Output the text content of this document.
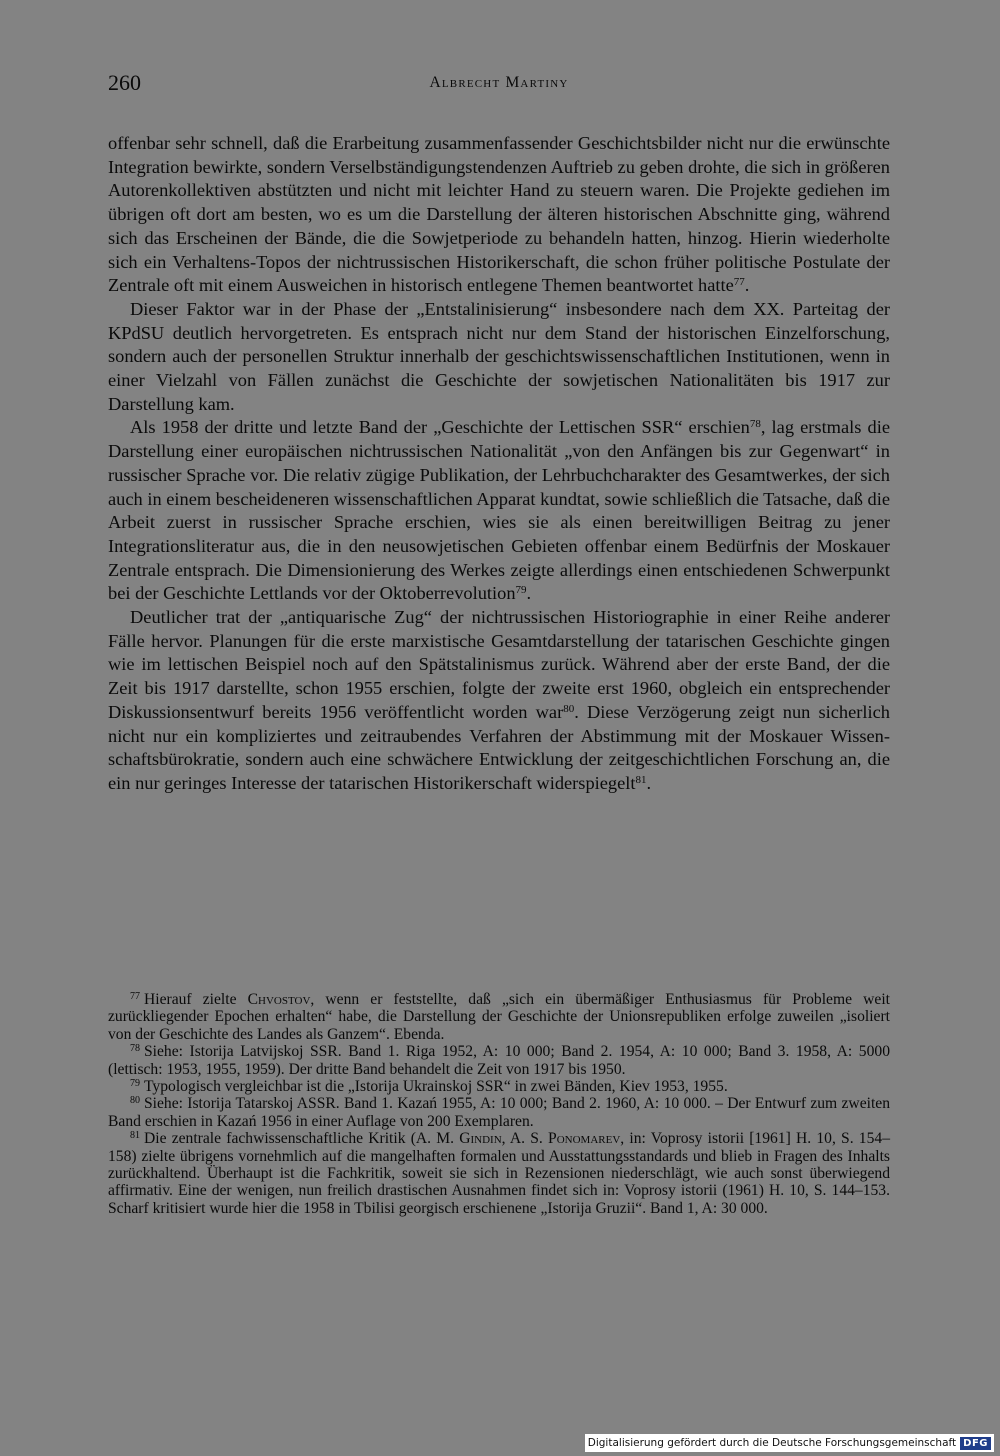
260	Albrecht Martiny

offenbar sehr schnell, daß die Erarbeitung zusammenfassender Geschichtsbilder nicht nur die erwünschte Integration bewirkte, sondern Verselbständigungstendenzen Auftrieb zu geben drohte, die sich in größeren Autorenkollektiven abstützten und nicht mit leichter Hand zu steuern waren. Die Projekte gediehen im übrigen oft dort am besten, wo es um die Darstellung der älteren historischen Abschnitte ging, während sich das Erscheinen der Bände, die die Sowjetperiode zu behandeln hatten, hinzog. Hierin wiederholte sich ein Verhaltens-Topos der nichtrussischen Historikerschaft, die schon früher politische Postulate der Zentrale oft mit einem Ausweichen in historisch entlegene Themen beantwortet hatte$^{77}$.

Dieser Faktor war in der Phase der „Entstalinisierung“ insbesondere nach dem XX. Parteitag der KPdSU deutlich hervorgetreten. Es entsprach nicht nur dem Stand der historischen Einzelforschung, sondern auch der personellen Struktur innerhalb der geschichtswissenschaftlichen Institutionen, wenn in einer Vielzahl von Fällen zunächst die Geschichte der sowjetischen Nationalitäten bis 1917 zur Darstellung kam.

Als 1958 der dritte und letzte Band der „Geschichte der Lettischen SSR“ erschien$^{78}$, lag erstmals die Darstellung einer europäischen nichtrussischen Nationalität „von den Anfängen bis zur Gegenwart“ in russischer Sprache vor. Die relativ zügige Publikation, der Lehrbuchcharakter des Gesamtwerkes, der sich auch in einem bescheideneren wissenschaftlichen Apparat kundtat, sowie schließlich die Tatsache, daß die Arbeit zuerst in russischer Sprache erschien, wies sie als einen bereitwilligen Beitrag zu jener Integrationsliteratur aus, die in den neusowjetischen Gebieten offenbar einem Bedürfnis der Moskauer Zentrale entsprach. Die Dimensionierung des Werkes zeigte allerdings einen entschiedenen Schwerpunkt bei der Geschichte Lettlands vor der Oktoberrevolution$^{79}$.

Deutlicher trat der „antiquarische Zug“ der nichtrussischen Historiographie in einer Reihe anderer Fälle hervor. Planungen für die erste marxistische Gesamtdarstellung der tatarischen Geschichte gingen wie im lettischen Beispiel noch auf den Spätstalinismus zurück. Während aber der erste Band, der die Zeit bis 1917 darstellte, schon 1955 erschien, folgte der zweite erst 1960, obgleich ein entsprechender Diskussionsentwurf bereits 1956 veröffentlicht worden war$^{80}$. Diese Verzögerung zeigt nun sicherlich nicht nur ein kompliziertes und zeitraubendes Verfahren der Abstimmung mit der Moskauer Wissenschaftsbürokratie, sondern auch eine schwächere Entwicklung der zeitgeschichtlichen Forschung an, die ein nur geringes Interesse der tatarischen Historikerschaft widerspiegelt$^{81}$.

$^{77}$ Hierauf zielte Chvostov, wenn er feststellte, daß „sich ein übermäßiger Enthusiasmus für Probleme weit zurückliegender Epochen erhalten“ habe, die Darstellung der Geschichte der Unionsrepubliken erfolge zuweilen „isoliert von der Geschichte des Landes als Ganzem“. Ebenda.

$^{78}$ Siehe: Istorija Latvijskoj SSR. Band 1. Riga 1952, A: 10 000; Band 2. 1954, A: 10 000; Band 3. 1958, A: 5000 (lettisch: 1953, 1955, 1959). Der dritte Band behandelt die Zeit von 1917 bis 1950.

$^{79}$ Typologisch vergleichbar ist die „Istorija Ukrainskoj SSR“ in zwei Bänden, Kiev 1953, 1955.

$^{80}$ Siehe: Istorija Tatarskoj ASSR. Band 1. Kazań 1955, A: 10 000; Band 2. 1960, A: 10 000. – Der Entwurf zum zweiten Band erschien in Kazań 1956 in einer Auflage von 200 Exemplaren.

$^{81}$ Die zentrale fachwissenschaftliche Kritik (A. M. Gindin, A. S. Ponomarev, in: Voprosy istorii [1961] H. 10, S. 154–158) zielte übrigens vornehmlich auf die mangelhaften formalen und Ausstattungsstandards und blieb in Fragen des Inhalts zurückhaltend. Überhaupt ist die Fachkritik, soweit sie sich in Rezensionen niederschlägt, wie auch sonst überwiegend affirmativ. Eine der wenigen, nun freilich drastischen Ausnahmen findet sich in: Voprosy istorii (1961) H. 10, S. 144–153. Scharf kritisiert wurde hier die 1958 in Tbilisi georgisch erschienene „Istorija Gruzii“. Band 1, A: 30 000.

Digitalisierung gefördert durch die Deutsche Forschungsgemeinschaft DFG
